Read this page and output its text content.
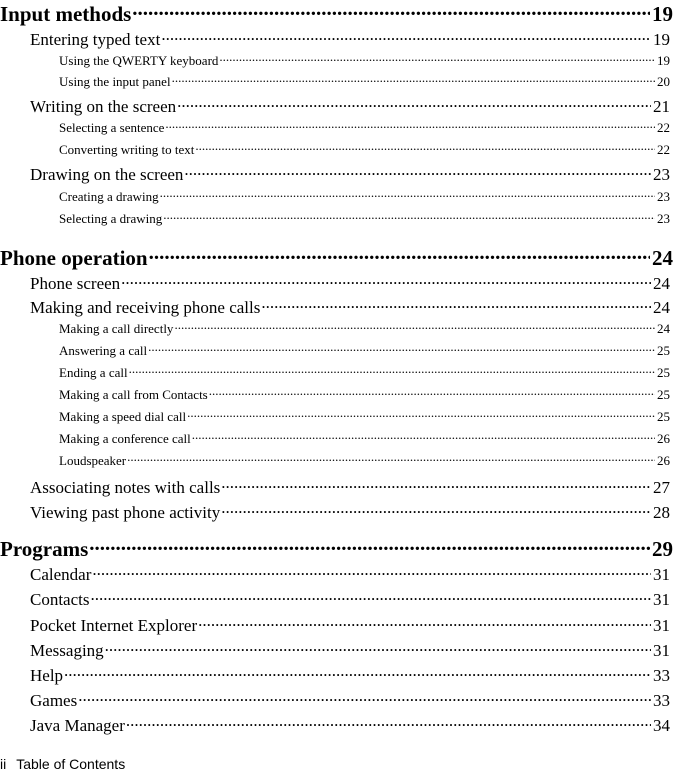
Input methods .....	19
Entering typed text .....	19
Using the QWERTY keyboard .....	19
Using the input panel .....	20
Writing on the screen .....	21
Selecting a sentence .....	22
Converting writing to text .....	22
Drawing on the screen .....	23
Creating a drawing .....	23
Selecting a drawing .....	23
Phone operation .....	24
Phone screen .....	24
Making and receiving phone calls .....	24
Making a call directly .....	24
Answering a call .....	25
Ending a call .....	25
Making a call from Contacts .....	25
Making a speed dial call .....	25
Making a conference call .....	26
Loudspeaker .....	26
Associating notes with calls .....	27
Viewing past phone activity .....	28
Programs .....	29
Calendar .....	31
Contacts .....	31
Pocket Internet Explorer .....	31
Messaging .....	31
Help .....	33
Games .....	33
Java Manager .....	34
ii Table of Contents
